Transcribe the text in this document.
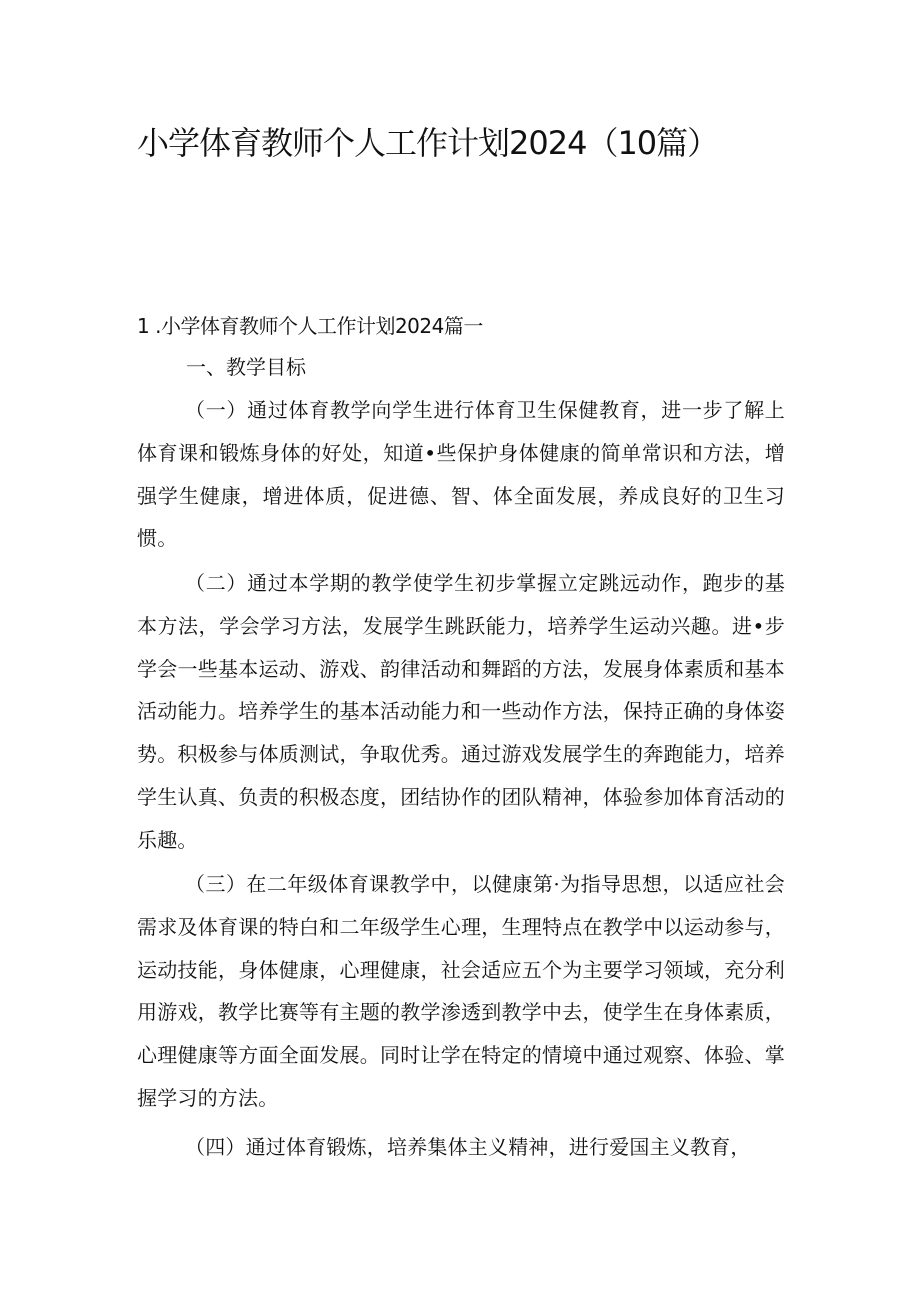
小学体育教师个人工作计划2024（10篇）
1 .小学体育教师个人工作计划2024篇一
一、教学目标

（一）通过体育教学向学生进行体育卫生保健教育，进一步了解上体育课和锻炼身体的好处，知道•些保护身体健康的简单常识和方法，增强学生健康，增进体质，促进德、智、体全面发展，养成良好的卫生习惯。

（二）通过本学期的教学使学生初步掌握立定跳远动作，跑步的基本方法，学会学习方法，发展学生跳跃能力，培养学生运动兴趣。进•步学会一些基本运动、游戏、韵律活动和舞蹈的方法，发展身体素质和基本活动能力。培养学生的基本活动能力和一些动作方法，保持正确的身体姿势。积极参与体质测试，争取优秀。通过游戏发展学生的奔跑能力，培养学生认真、负责的积极态度，团结协作的团队精神，体验参加体育活动的乐趣。

（三）在二年级体育课教学中，以健康第·为指导思想，以适应社会需求及体育课的特白和二年级学生心理，生理特点在教学中以运动参与，运动技能，身体健康，心理健康，社会适应五个为主要学习领域，充分利用游戏，教学比赛等有主题的教学渗透到教学中去，使学生在身体素质，心理健康等方面全面发展。同时让学在特定的情境中通过观察、体验、掌握学习的方法。

（四）通过体育锻炼，培养集体主义精神，进行爱国主义教育，
